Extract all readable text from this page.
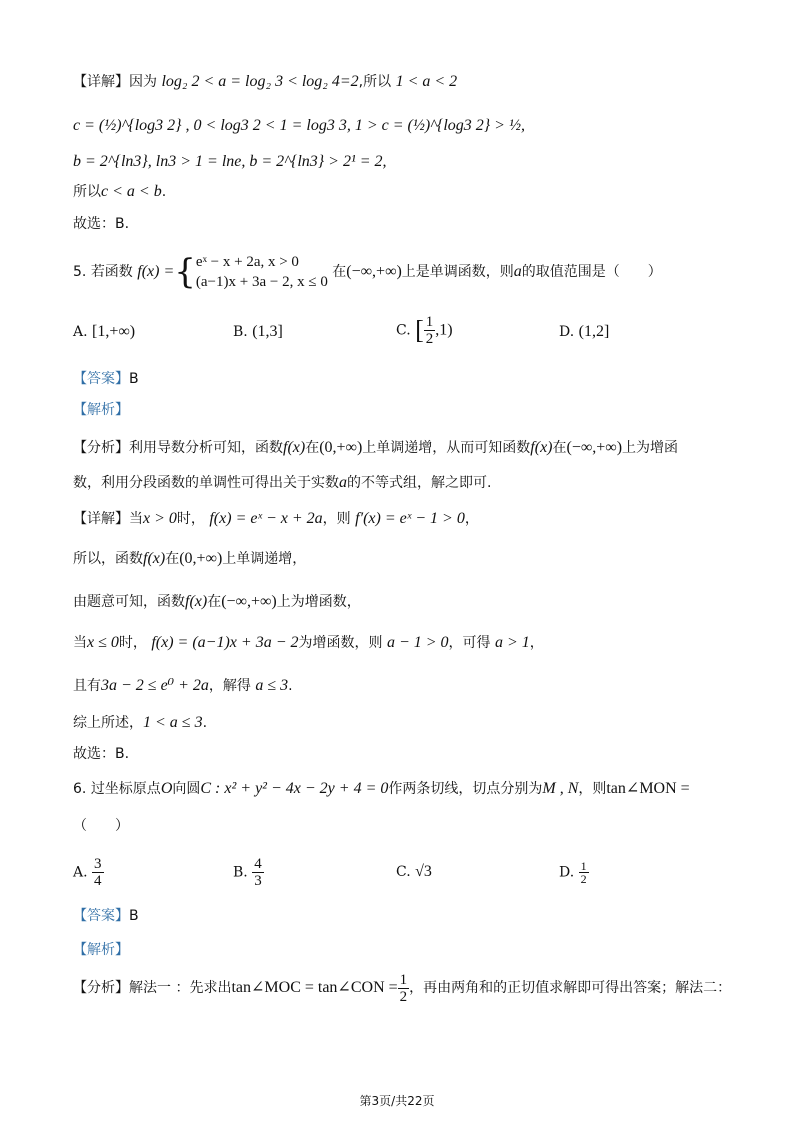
【详解】因为 log₂ 2 < a = log₂ 3 < log₂ 4=2,所以 1 < a < 2
c = (½)^{log3 2} , 0 < log3 2 < 1 = log3 3, 1 > c = (½)^{log3 2} > ½,
b = 2^{ln3}, ln3 > 1 = lne, b = 2^{ln3} > 2¹ = 2,
所以c < a < b.
故选：B.
5. 若函数 f(x) ={ eˣ − x + 2a, x > 0
(a−1)x + 3a − 2, x ≤ 0
在(−∞,+∞)上是单调函数，则a的取值范围是（　　）
A. [1,+∞)	B. (1,3]	C. [ $\frac{1}{2} ,1$)	D. (1,2]
【答案】B
【解析】
【分析】利用导数分析可知，函数f(x)在(0,+∞)上单调递增，从而可知函数f(x)在(−∞,+∞)上为增函
数，利用分段函数的单调性可得出关于实数a的不等式组，解之即可.
【详解】当x > 0时， f(x) = eˣ − x + 2a，则 f′(x) = eˣ − 1 > 0，
所以，函数f(x)在(0,+∞)上单调递增，
由题意可知，函数f(x)在(−∞,+∞)上为增函数，
当x ≤ 0时， f(x) = (a−1)x + 3a − 2为增函数，则 a − 1 > 0，可得 a > 1，
且有3a − 2 ≤ e⁰ + 2a，解得 a ≤ 3.
综上所述，1 < a ≤ 3.
故选：B.
6. 过坐标原点O向圆C : x² + y² − 4x − 2y + 4 = 0作两条切线，切点分别为M , N，则tan∠MON =
（　　）
A. $\frac{3}{4}$	B. $\frac{4}{3}$	C. √3	D. $\frac{1}{2}$
【答案】B
【解析】
【分析】解法一 ：先求出tan∠MOC = tan∠CON = $\frac{1}{2}$ ，再由两角和的正切值求解即可得出答案；解法二：
第3页/共22页
